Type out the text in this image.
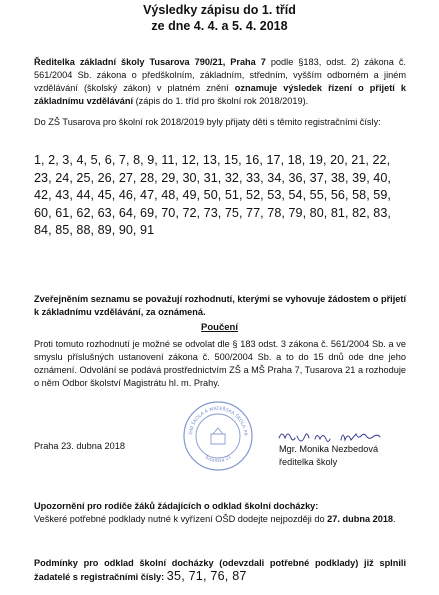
Výsledky zápisu do 1. tříd
ze dne 4. 4. a 5. 4. 2018
Ředitelka základní školy Tusarova 790/21, Praha 7 podle §183, odst. 2) zákona č. 561/2004 Sb. zákona o předškolním, základním, středním, vyšším odborném a jiném vzdělávání (školský zákon) v platném znění oznamuje výsledek řízení o přijetí k základnímu vzdělávání (zápis do 1. tříd pro školní rok 2018/2019).
Do ZŠ Tusarova pro školní rok 2018/2019 byly přijaty děti s těmito registračními čísly:
1, 2, 3, 4, 5, 6, 7, 8, 9, 11, 12, 13, 15, 16, 17, 18, 19, 20, 21, 22, 23, 24, 25, 26, 27, 28, 29, 30, 31, 32, 33, 34, 36, 37, 38, 39, 40, 42, 43, 44, 45, 46, 47, 48, 49, 50, 51, 52, 53, 54, 55, 56, 58, 59, 60, 61, 62, 63, 64, 69, 70, 72, 73, 75, 77, 78, 79, 80, 81, 82, 83, 84, 85, 88, 89, 90, 91
Zveřejněním seznamu se považují rozhodnutí, kterými se vyhovuje žádostem o přijetí k základnímu vzdělávání, za oznámená.
Poučení
Proti tomuto rozhodnutí je možné se odvolat dle § 183 odst. 3 zákona č. 561/2004 Sb. a ve smyslu příslušných ustanovení zákona č. 500/2004 Sb. a to do 15 dnů ode dne jeho oznámení. Odvolání se podává prostřednictvím ZŠ a MŠ Praha 7, Tusarova 21 a rozhoduje o něm Odbor školství Magistrátu hl. m. Prahy.
Praha 23. dubna 2018
DNÍ ŠKOLA A MATEŘSKÁ ŠKOLA PR
Tusarova 21
Mgr. Monika Nezbedová
ředitelka školy
Upozornění pro rodiče žáků žádajících o odklad školní docházky:
Veškeré potřebné podklady nutné k vyřízení OŠD dodejte nejpozději do 27. dubna 2018.
Podmínky pro odklad školní docházky (odevzdali potřebné podklady) již splnili žadatelé s registračními čísly: 35, 71, 76, 87
